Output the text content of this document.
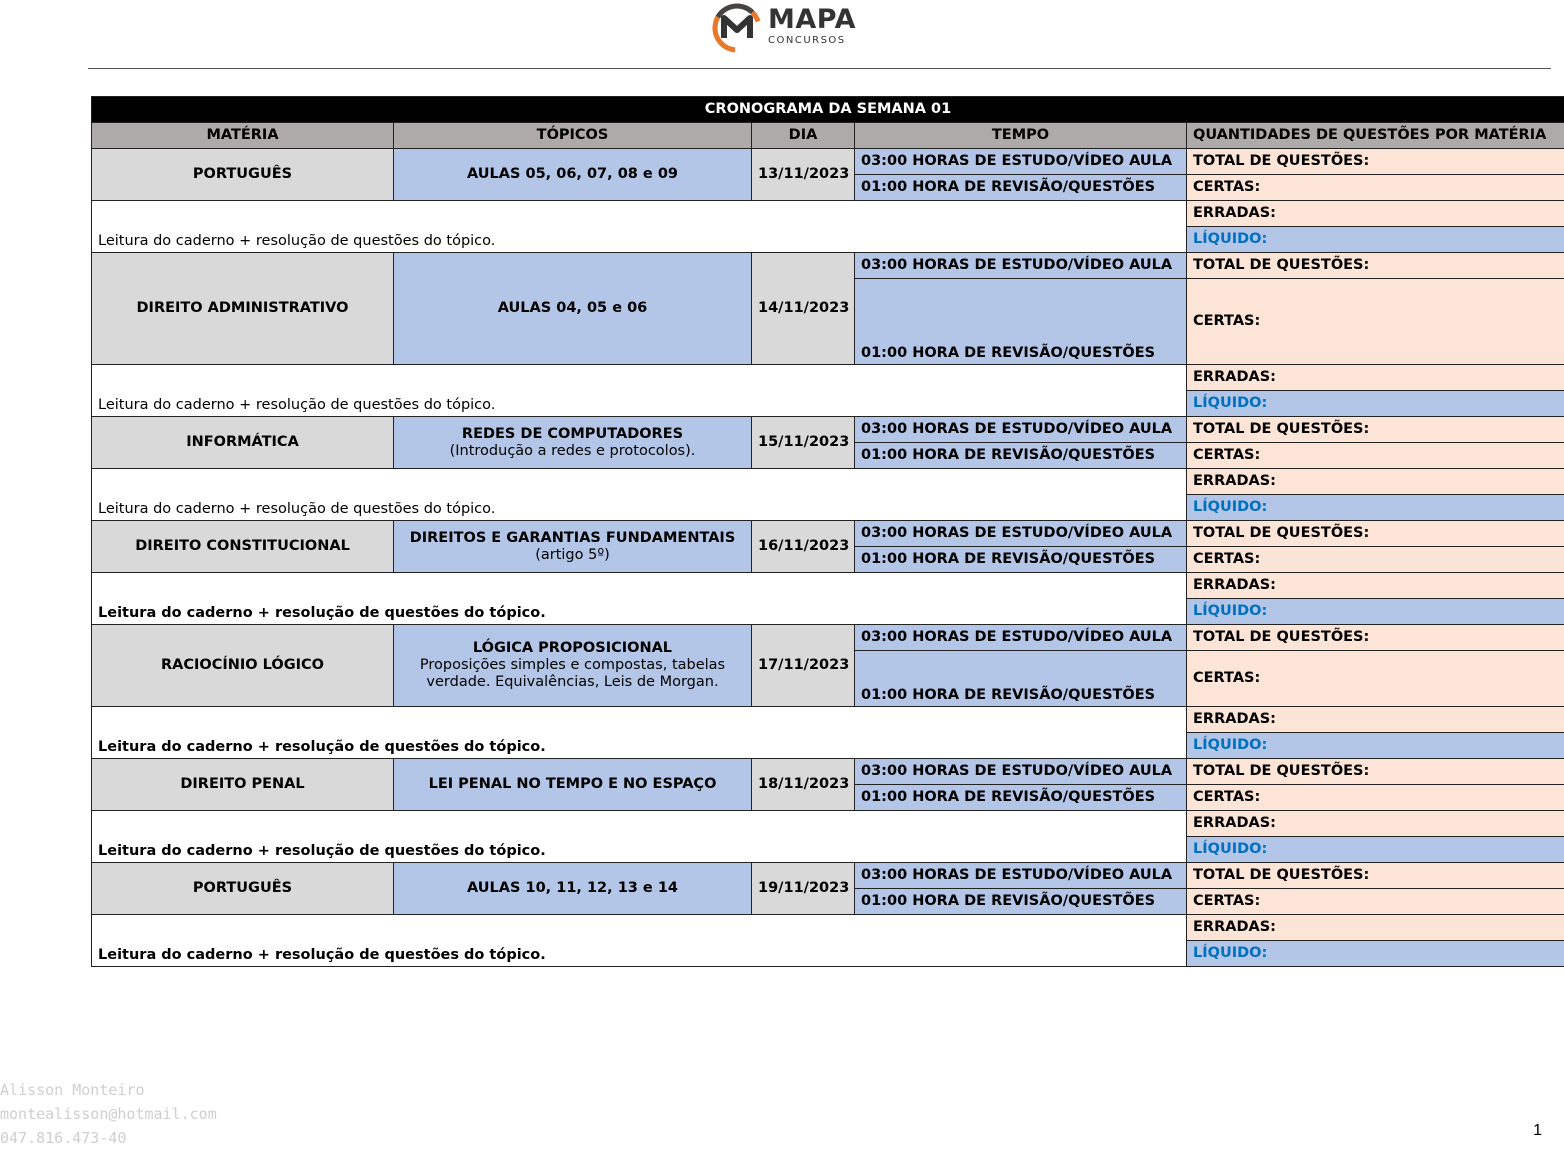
MAPA
CONCURSOS
CRONOGRAMA DA SEMANA 01				
MATÉRIA	TÓPICOS	DIA	TEMPO	QUANTIDADES DE QUESTÕES POR MATÉRIA
PORTUGUÊS	AULAS 05, 06, 07, 08 e 09	13/11/2023	03:00 HORAS DE ESTUDO/VÍDEO AULA	TOTAL DE QUESTÕES:
			01:00 HORA DE REVISÃO/QUESTÕES	CERTAS:
Leitura do caderno + resolução de questões do tópico.				ERRADAS:
				LÍQUIDO:
DIREITO ADMINISTRATIVO	AULAS 04, 05 e 06	14/11/2023	03:00 HORAS DE ESTUDO/VÍDEO AULA	TOTAL DE QUESTÕES:
			01:00 HORA DE REVISÃO/QUESTÕES	CERTAS:
Leitura do caderno + resolução de questões do tópico.				ERRADAS:
				LÍQUIDO:
INFORMÁTICA	REDES DE COMPUTADORES
(Introdução a redes e protocolos).	15/11/2023	03:00 HORAS DE ESTUDO/VÍDEO AULA	TOTAL DE QUESTÕES:
			01:00 HORA DE REVISÃO/QUESTÕES	CERTAS:
Leitura do caderno + resolução de questões do tópico.				ERRADAS:
				LÍQUIDO:
DIREITO CONSTITUCIONAL	DIREITOS E GARANTIAS FUNDAMENTAIS
(artigo 5º)	16/11/2023	03:00 HORAS DE ESTUDO/VÍDEO AULA	TOTAL DE QUESTÕES:
			01:00 HORA DE REVISÃO/QUESTÕES	CERTAS:
Leitura do caderno + resolução de questões do tópico.				ERRADAS:
				LÍQUIDO:
RACIOCÍNIO LÓGICO	LÓGICA PROPOSICIONAL
Proposições simples e compostas, tabelas verdade. Equivalências, Leis de Morgan.	17/11/2023	03:00 HORAS DE ESTUDO/VÍDEO AULA	TOTAL DE QUESTÕES:
			01:00 HORA DE REVISÃO/QUESTÕES	CERTAS:
Leitura do caderno + resolução de questões do tópico.				ERRADAS:
				LÍQUIDO:
DIREITO PENAL	LEI PENAL NO TEMPO E NO ESPAÇO	18/11/2023	03:00 HORAS DE ESTUDO/VÍDEO AULA	TOTAL DE QUESTÕES:
			01:00 HORA DE REVISÃO/QUESTÕES	CERTAS:
Leitura do caderno + resolução de questões do tópico.				ERRADAS:
				LÍQUIDO:
PORTUGUÊS	AULAS 10, 11, 12, 13 e 14	19/11/2023	03:00 HORAS DE ESTUDO/VÍDEO AULA	TOTAL DE QUESTÕES:
			01:00 HORA DE REVISÃO/QUESTÕES	CERTAS:
Leitura do caderno + resolução de questões do tópico.				ERRADAS:
				LÍQUIDO:
Alisson Monteiro
montealisson@hotmail.com
047.816.473-40	1
